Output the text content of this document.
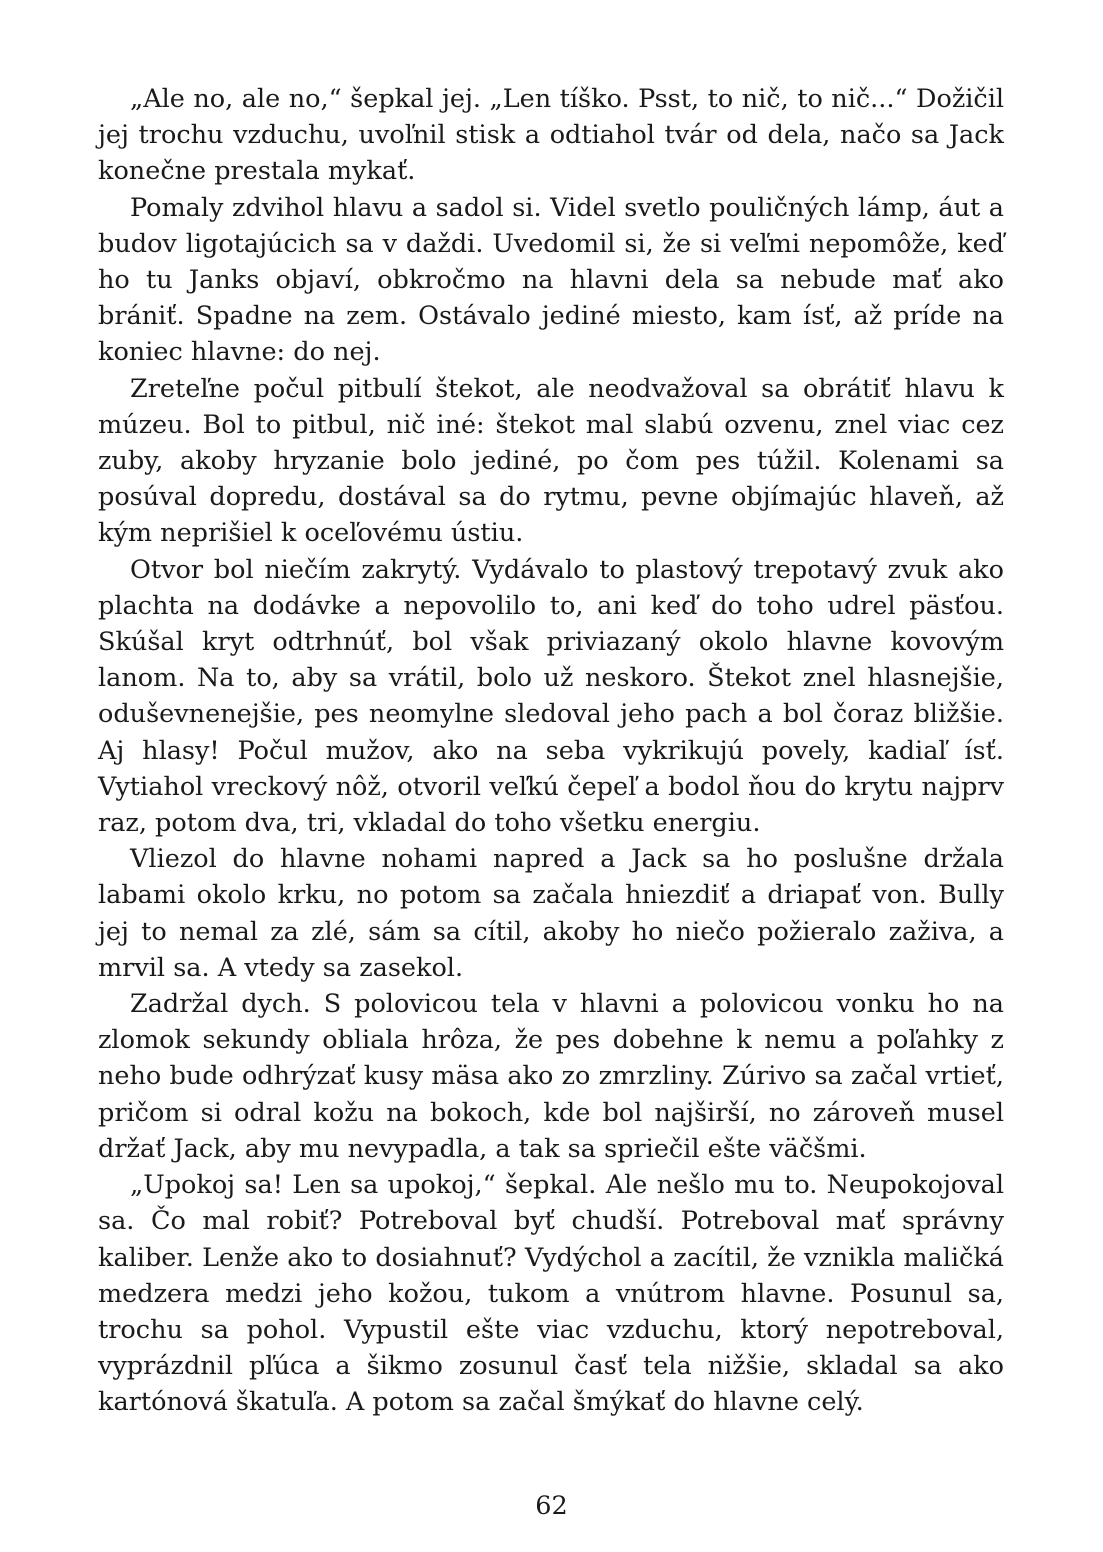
„Ale no, ale no,“ šepkal jej. „Len tíško. Psst, to nič, to nič...“ Dožičil jej trochu vzduchu, uvoľnil stisk a odtiahol tvár od dela, načo sa Jack konečne prestala mykať.

Pomaly zdvihol hlavu a sadol si. Videl svetlo pouličných lámp, áut a budov ligotajúcich sa v daždi. Uvedomil si, že si veľmi nepomôže, keď ho tu Janks objaví, obkročmo na hlavni dela sa nebude mať ako brániť. Spadne na zem. Ostávalo jediné miesto, kam ísť, až príde na koniec hlavne: do nej.

Zreteľne počul pitbulí štekot, ale neodvažoval sa obrátiť hlavu k múzeu. Bol to pitbul, nič iné: štekot mal slabú ozvenu, znel viac cez zuby, akoby hryzanie bolo jediné, po čom pes túžil. Kolenami sa posúval dopredu, dostával sa do rytmu, pevne objímajúc hlaveň, až kým neprišiel k oceľovému ústiu.

Otvor bol niečím zakrytý. Vydávalo to plastový trepotavý zvuk ako plachta na dodávke a nepovolilo to, ani keď do toho udrel päsťou. Skúšal kryt odtrhnúť, bol však priviazaný okolo hlavne kovovým lanom. Na to, aby sa vrátil, bolo už neskoro. Štekot znel hlasnejšie, oduševnenejšie, pes neomylne sledoval jeho pach a bol čoraz bližšie. Aj hlasy! Počul mužov, ako na seba vykrikujú povely, kadiaľ ísť. Vytiahol vreckový nôž, otvoril veľkú čepeľ a bodol ňou do krytu najprv raz, potom dva, tri, vkladal do toho všetku energiu.

Vliezol do hlavne nohami napred a Jack sa ho poslušne držala labami okolo krku, no potom sa začala hniezdiť a driapať von. Bully jej to nemal za zlé, sám sa cítil, akoby ho niečo požieralo zaživa, a mrvil sa. A vtedy sa zasekol.

Zadržal dych. S polovicou tela v hlavni a polovicou vonku ho na zlomok sekundy obliala hrôza, že pes dobehne k nemu a poľahky z neho bude odhrýzať kusy mäsa ako zo zmrzliny. Zúrivo sa začal vrtieť, pričom si odral kožu na bokoch, kde bol najširší, no zároveň musel držať Jack, aby mu nevypadla, a tak sa spriečil ešte väčšmi.

„Upokoj sa! Len sa upokoj,“ šepkal. Ale nešlo mu to. Neupokojoval sa. Čo mal robiť? Potreboval byť chudší. Potreboval mať správny kaliber. Lenže ako to dosiahnuť? Vydýchol a zacítil, že vznikla maličká medzera medzi jeho kožou, tukom a vnútrom hlavne. Posunul sa, trochu sa pohol. Vypustil ešte viac vzduchu, ktorý nepotreboval, vyprázdnil pľúca a šikmo zosunul časť tela nižšie, skladal sa ako kartónová škatuľa. A potom sa začal šmýkať do hlavne celý.

62
